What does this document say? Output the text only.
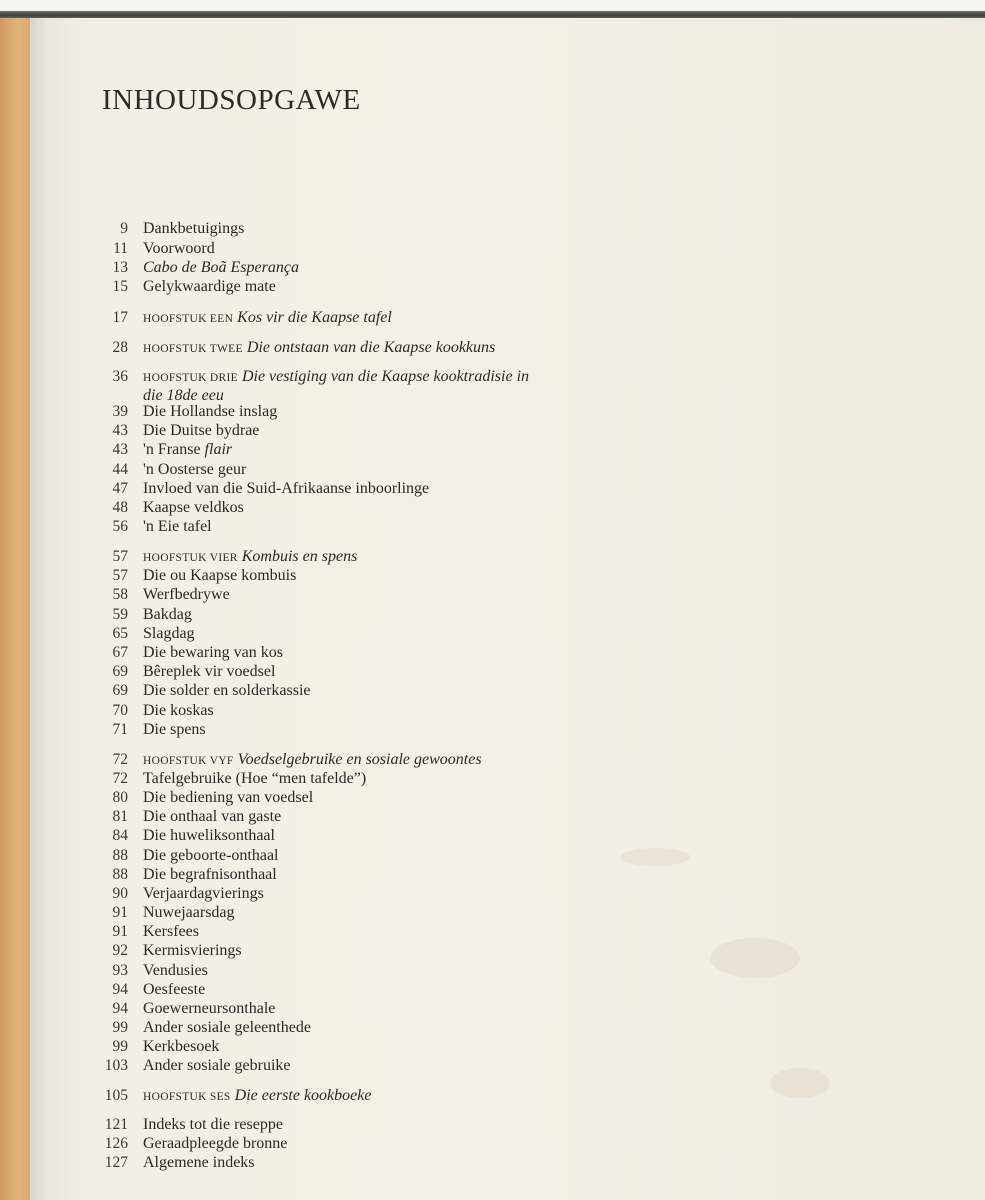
INHOUDSOPGAWE
9 Dankbetuigings
11 Voorwoord
13 Cabo de Boã Esperança
15 Gelykwaardige mate
17 HOOFSTUK EEN Kos vir die Kaapse tafel
28 HOOFSTUK TWEE Die ontstaan van die Kaapse kookkuns
36 HOOFSTUK DRIE Die vestiging van die Kaapse kooktradisie in
die 18de eeu
39 Die Hollandse inslag
43 Die Duitse bydrae
43 'n Franse flair
44 'n Oosterse geur
47 Invloed van die Suid-Afrikaanse inboorlinge
48 Kaapse veldkos
56 'n Eie tafel
57 HOOFSTUK VIER Kombuis en spens
57 Die ou Kaapse kombuis
58 Werfbedrywe
59 Bakdag
65 Slagdag
67 Die bewaring van kos
69 Bêreplek vir voedsel
69 Die solder en solderkassie
70 Die koskas
71 Die spens
72 HOOFSTUK VYF Voedselgebruike en sosiale gewoontes
72 Tafelgebruike (Hoe “men tafelde”)
80 Die bediening van voedsel
81 Die onthaal van gaste
84 Die huweliksonthaal
88 Die geboorte-onthaal
88 Die begrafnisonthaal
90 Verjaardagvierings
91 Nuwejaarsdag
91 Kersfees
92 Kermisvierings
93 Vendusies
94 Oesfeeste
94 Goewerneursonthale
99 Ander sosiale geleenthede
99 Kerkbesoek
103 Ander sosiale gebruike
105 HOOFSTUK SES Die eerste kookboeke
121 Indeks tot die reseppe
126 Geraadpleegde bronne
127 Algemene indeks
